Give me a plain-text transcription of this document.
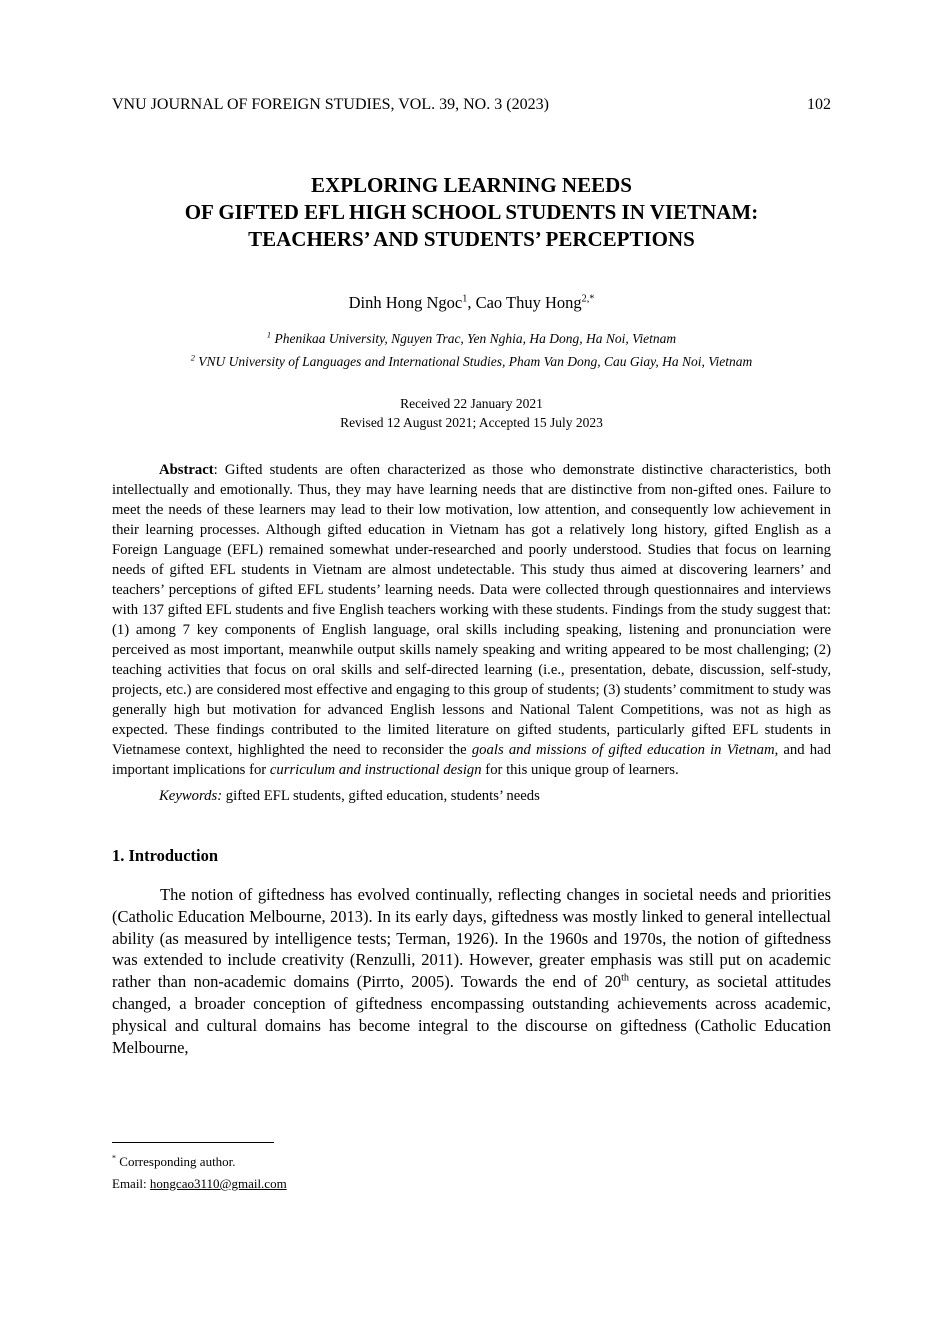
VNU JOURNAL OF FOREIGN STUDIES, VOL. 39, NO. 3 (2023)	102
EXPLORING LEARNING NEEDS
OF GIFTED EFL HIGH SCHOOL STUDENTS IN VIETNAM:
TEACHERS’ AND STUDENTS’ PERCEPTIONS

Dinh Hong Ngoc$^1$, Cao Thuy Hong$^{2,*}$

$^1$ Phenikaa University, Nguyen Trac, Yen Nghia, Ha Dong, Ha Noi, Vietnam

$^2$ VNU University of Languages and International Studies, Pham Van Dong, Cau Giay, Ha Noi, Vietnam

Received 22 January 2021
Revised 12 August 2021; Accepted 15 July 2023

Abstract: Gifted students are often characterized as those who demonstrate distinctive characteristics, both intellectually and emotionally. Thus, they may have learning needs that are distinctive from non-gifted ones. Failure to meet the needs of these learners may lead to their low motivation, low attention, and consequently low achievement in their learning processes. Although gifted education in Vietnam has got a relatively long history, gifted English as a Foreign Language (EFL) remained somewhat under-researched and poorly understood. Studies that focus on learning needs of gifted EFL students in Vietnam are almost undetectable. This study thus aimed at discovering learners’ and teachers’ perceptions of gifted EFL students’ learning needs. Data were collected through questionnaires and interviews with 137 gifted EFL students and five English teachers working with these students. Findings from the study suggest that: (1) among 7 key components of English language, oral skills including speaking, listening and pronunciation were perceived as most important, meanwhile output skills namely speaking and writing appeared to be most challenging; (2) teaching activities that focus on oral skills and self-directed learning (i.e., presentation, debate, discussion, self-study, projects, etc.) are considered most effective and engaging to this group of students; (3) students’ commitment to study was generally high but motivation for advanced English lessons and National Talent Competitions, was not as high as expected. These findings contributed to the limited literature on gifted students, particularly gifted EFL students in Vietnamese context, highlighted the need to reconsider the goals and missions of gifted education in Vietnam, and had important implications for curriculum and instructional design for this unique group of learners.

Keywords: gifted EFL students, gifted education, students’ needs

1. Introduction

The notion of giftedness has evolved continually, reflecting changes in societal needs and priorities (Catholic Education Melbourne, 2013). In its early days, giftedness was mostly linked to general intellectual ability (as measured by intelligence tests; Terman, 1926). In the 1960s and 1970s, the notion of giftedness was extended to include creativity (Renzulli, 2011). However, greater emphasis was still put on academic rather than non-academic domains (Pirrto, 2005). Towards the end of 20th century, as societal attitudes changed, a broader conception of giftedness encompassing outstanding achievements across academic, physical and cultural domains has become integral to the discourse on giftedness (Catholic Education Melbourne,

* Corresponding author.

Email: hongcao3110@gmail.com
